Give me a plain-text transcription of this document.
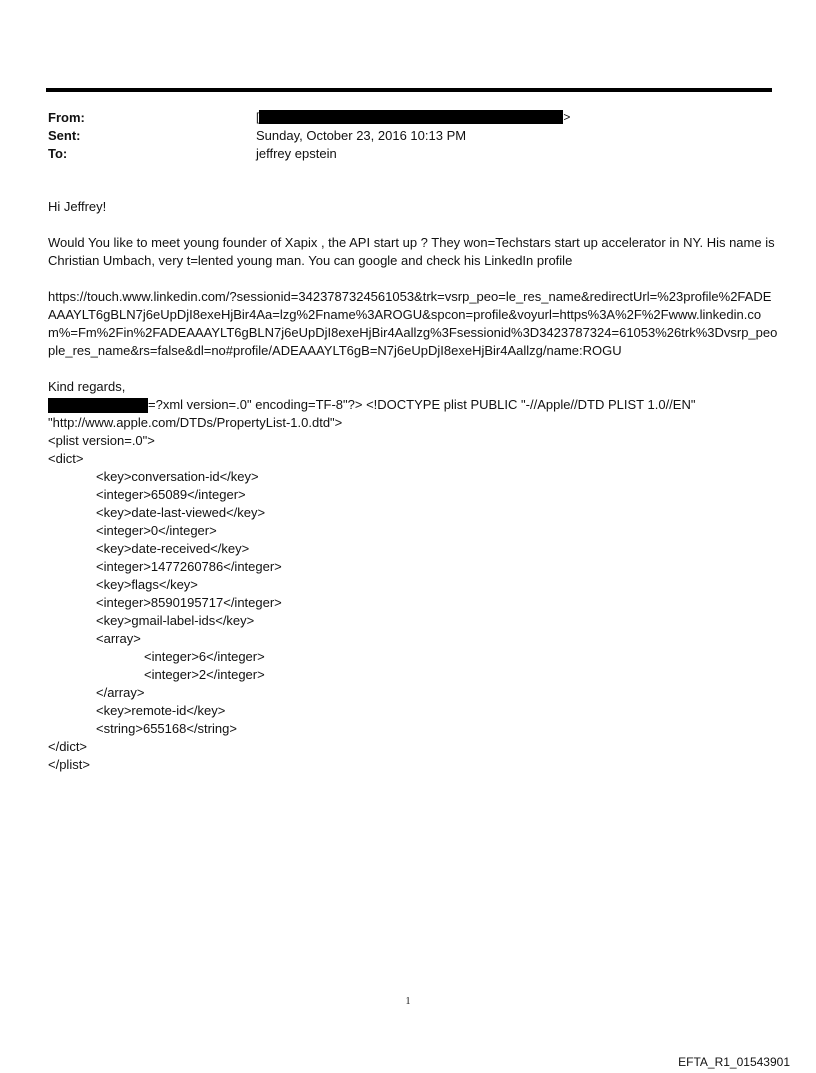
From:	[	>
Sent:	Sunday, October 23, 2016 10:13 PM
To:	jeffrey epstein

Hi Jeffrey!

Would You like to meet young founder of Xapix , the API start up ? They won=Techstars start up accelerator in NY. His name is Christian Umbach, very t=lented young man. You can google and check his LinkedIn profile

https://touch.www.linkedin.com/?sessionid=3423787324561053&trk=vsrp_peo=le_res_name&redirectUrl=%23profile%2FADEAAAYLT6gBLN7j6eUpDjI8exeHjBir4Aa=lzg%2Fname%3AROGU&spcon=profile&voyurl=https%3A%2F%2Fwww.linkedin.com%=Fm%2Fin%2FADEAAAYLT6gBLN7j6eUpDjI8exeHjBir4Aallzg%3Fsessionid%3D3423787324=61053%26trk%3Dvsrp_people_res_name&rs=false&dl=no#profile/ADEAAAYLT6gB=N7j6eUpDjI8exeHjBir4Aallzg/name:ROGU

Kind regards,
=?xml version=.0" encoding=TF-8"?> <!DOCTYPE plist PUBLIC "-//Apple//DTD PLIST 1.0//EN"
"http://www.apple.com/DTDs/PropertyList-1.0.dtd">
<plist version=.0">
<dict>
<key>conversation-id</key>
<integer>65089</integer>
<key>date-last-viewed</key>
<integer>0</integer>
<key>date-received</key>
<integer>1477260786</integer>
<key>flags</key>
<integer>8590195717</integer>
<key>gmail-label-ids</key>
<array>
<integer>6</integer>
<integer>2</integer>
</array>
<key>remote-id</key>
<string>655168</string>
</dict>
</plist>
1
EFTA_R1_01543901
